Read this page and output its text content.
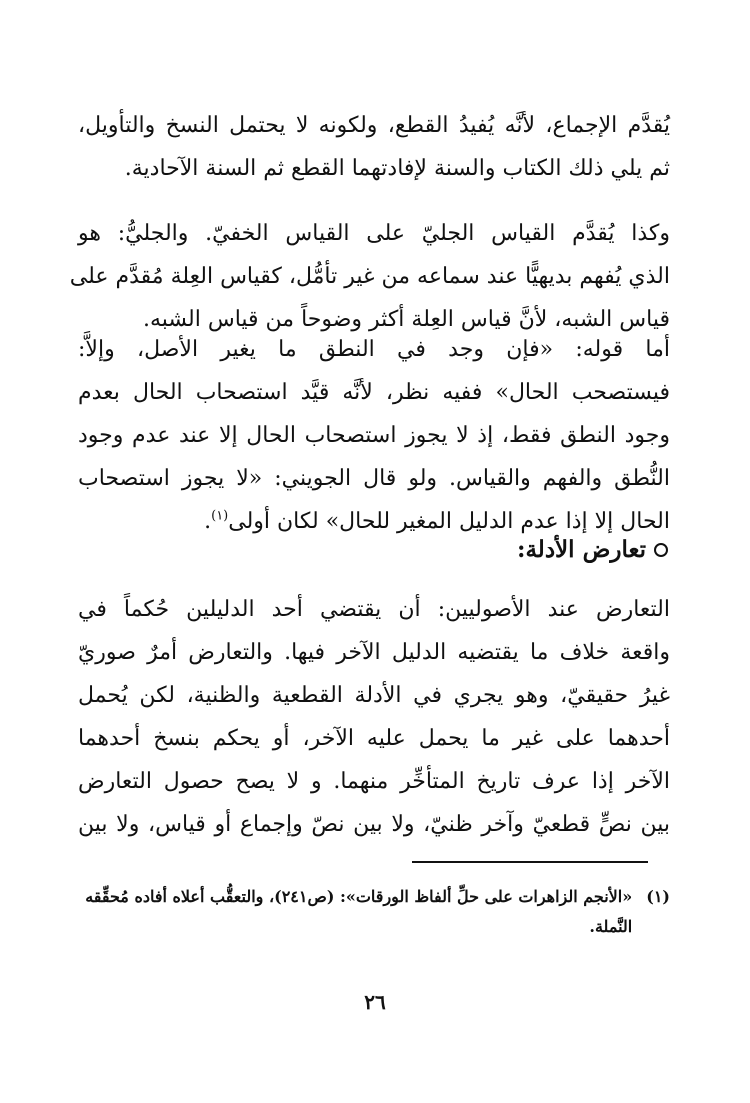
يُقدَّم الإجماع، لأنَّه يُفيدُ القطع، ولكونه لا يحتمل النسخ والتأويل،
ثم يلي ذلك الكتاب والسنة لإفادتهما القطع ثم السنة الآحادية.
وكذا يُقدَّم القياس الجليّ على القياس الخفيّ. والجليُّ: هو
الذي يُفهم بديهيًّا عند سماعه من غير تأمُّل، كقياس العِلة مُقدَّم على
قياس الشبه، لأنَّ قياس العِلة أكثر وضوحاً من قياس الشبه.
أما قوله: «فإن وجد في النطق ما يغير الأصل، وإلاَّ:
فيستصحب الحال» ففيه نظر، لأنَّه قيَّد استصحاب الحال بعدم
وجود النطق فقط، إذ لا يجوز استصحاب الحال إلا عند عدم وجود
النُّطق والفهم والقياس. ولو قال الجويني: «لا يجوز استصحاب
الحال إلا إذا عدم الدليل المغير للحال» لكان أولى$^{(١)}$.
تعارض الأدلة:
التعارض عند الأصوليين: أن يقتضي أحد الدليلين حُكماً في
واقعة خلاف ما يقتضيه الدليل الآخر فيها. والتعارض أمرٌ صوريّ
غيرُ حقيقيّ، وهو يجري في الأدلة القطعية والظنية، لكن يُحمل
أحدهما على غير ما يحمل عليه الآخر، أو يحكم بنسخ أحدهما
الآخر إذا عرف تاريخ المتأخِّر منهما. و لا يصح حصول التعارض
بين نصٍّ قطعيّ وآخر ظنيّ، ولا بين نصّ وإجماع أو قياس، ولا بين
(١)
«الأنجم الزاهرات على حلِّ ألفاظ الورقات»: (ص٢٤١)، والتعقُّب أعلاه أفاده مُحقِّقه النَّملة.
٢٦
